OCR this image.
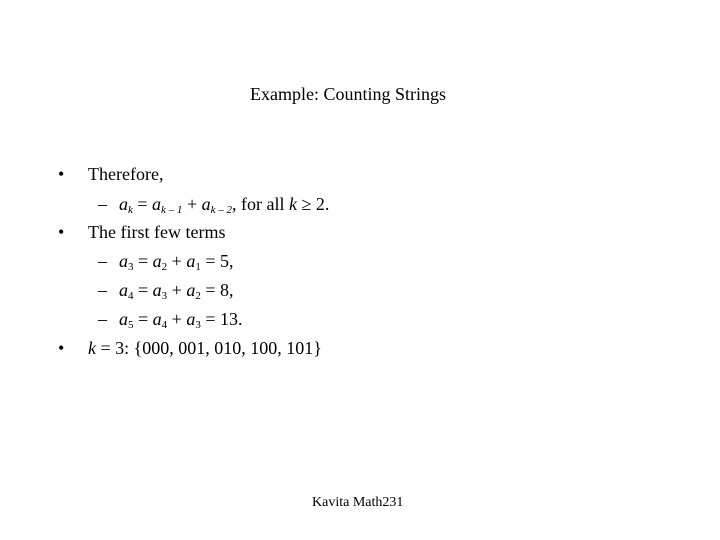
Example: Counting Strings
• Therefore,
– $a_k = a_{k - 1} + a_{k - 2}$, for all k ≥ 2.
• The first few terms
– $a_3 = a_2 + a_1 = 5$,
– $a_4 = a_3 + a_2 = 8$,
– $a_5 = a_4 + a_3 = 13$.
• k = 3: {000, 001, 010, 100, 101}
Kavita Math231
